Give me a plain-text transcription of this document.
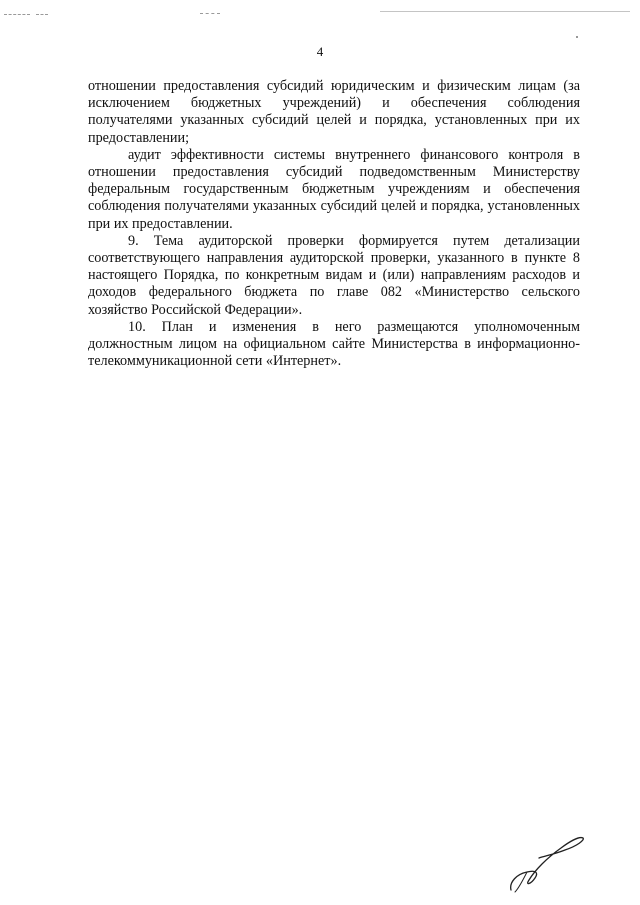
4

отношении предоставления субсидий юридическим и физическим лицам (за исключением бюджетных учреждений) и обеспечения соблюдения получателями указанных субсидий целей и порядка, установленных при их предоставлении;

аудит эффективности системы внутреннего финансового контроля в отношении предоставления субсидий подведомственным Министерству федеральным государственным бюджетным учреждениям и обеспечения соблюдения получателями указанных субсидий целей и порядка, установленных при их предоставлении.

9. Тема аудиторской проверки формируется путем детализации соответствующего направления аудиторской проверки, указанного в пункте 8 настоящего Порядка, по конкретным видам и (или) направлениям расходов и доходов федерального бюджета по главе 082 «Министерство сельского хозяйство Российской Федерации».

10. План и изменения в него размещаются уполномоченным должностным лицом на официальном сайте Министерства в информационно-телекоммуникационной сети «Интернет».
